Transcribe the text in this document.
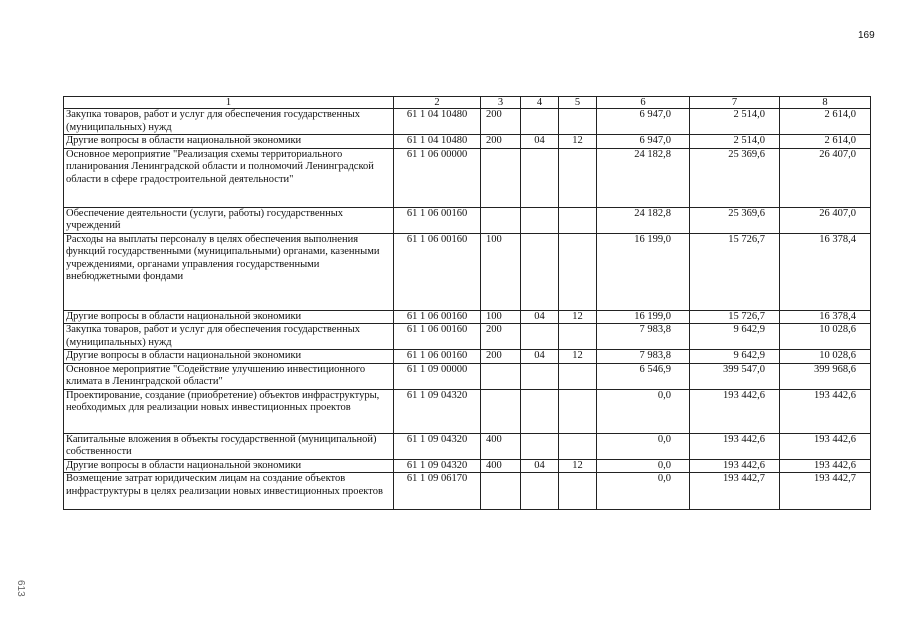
169
1	2	3	4	5	6	7	8
Закупка товаров, работ и услуг для обеспечения государственных (муниципальных) нужд	61 1 04 10480	200			6 947,0	2 514,0	2 614,0
Другие вопросы в области национальной экономики	61 1 04 10480	200	04	12	6 947,0	2 514,0	2 614,0
Основное мероприятие "Реализация схемы территориального планирования Ленинградской области и полномочий Ленинградской области в сфере градостроительной деятельности"	61 1 06 00000				24 182,8	25 369,6	26 407,0
Обеспечение деятельности (услуги, работы) государственных учреждений	61 1 06 00160				24 182,8	25 369,6	26 407,0
Расходы на выплаты персоналу в целях обеспечения выполнения функций государственными (муниципальными) органами, казенными учреждениями, органами управления государственными внебюджетными фондами	61 1 06 00160	100			16 199,0	15 726,7	16 378,4
Другие вопросы в области национальной экономики	61 1 06 00160	100	04	12	16 199,0	15 726,7	16 378,4
Закупка товаров, работ и услуг для обеспечения государственных (муниципальных) нужд	61 1 06 00160	200			7 983,8	9 642,9	10 028,6
Другие вопросы в области национальной экономики	61 1 06 00160	200	04	12	7 983,8	9 642,9	10 028,6
Основное мероприятие "Содействие улучшению инвестиционного климата в Ленинградской области"	61 1 09 00000				6 546,9	399 547,0	399 968,6
Проектирование, создание (приобретение) объектов инфраструктуры, необходимых для реализации новых инвестиционных проектов	61 1 09 04320				0,0	193 442,6	193 442,6
Капитальные вложения в объекты государственной (муниципальной) собственности	61 1 09 04320	400			0,0	193 442,6	193 442,6
Другие вопросы в области национальной экономики	61 1 09 04320	400	04	12	0,0	193 442,6	193 442,6
Возмещение затрат юридическим лицам на создание объектов инфраструктуры в целях реализации новых инвестиционных проектов	61 1 09 06170				0,0	193 442,7	193 442,7
613
